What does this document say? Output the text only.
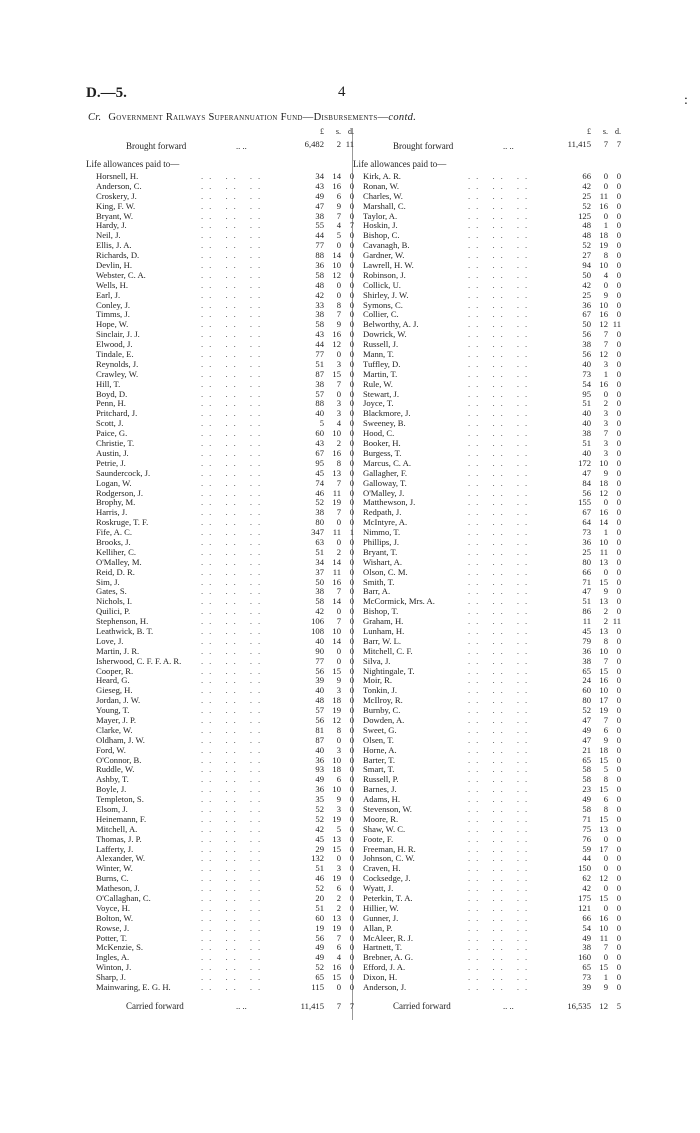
D.—5.	4
:
Cr. Government Railways Superannuation Fund—Disbursements—contd.
£	s. d.
Brought forward	.. ..	6,482	2 11
Life allowances paid to—
Horsnell, H.	.. .. ..	34 14	0
Anderson, C.	.. .. ..	43 16	0
Croskery, J.	.. .. ..	49	6	0
King, F. W.	.. .. ..	47	9	0
Bryant, W.	.. .. ..	38	7	0
Hardy, J.	.. .. ..	55	4	7
Neil, J.	.. .. ..	44	5	0
Ellis, J. A.	.. .. ..	77	0	0
Richards, D.	.. .. ..	88 14	0
Devlin, H.	.. .. ..	36 10	0
Webster, C. A.	.. .. ..	58 12	0
Wells, H.	.. .. ..	48	0	0
Earl, J.	.. .. ..	42	0	0
Conley, J.	.. .. ..	33	8	0
Timms, J.	.. .. ..	38	7	0
Hope, W.	.. .. ..	58	9	0
Sinclair, J. J.	.. .. ..	43 16	0
Elwood, J.	.. .. ..	44 12	0
Tindale, E.	.. .. ..	77	0	0
Reynolds, J.	.. .. ..	51	3	0
Crawley, W.	.. .. ..	87 15	0
Hill, T.	.. .. ..	38	7	0
Boyd, D.	.. .. ..	57	0	0
Penn, H.	.. .. ..	88	3	0
Pritchard, J.	.. .. ..	40	3	0
Scott, J.	.. .. ..	5	4	0
Paice, G.	.. .. ..	60 10	0
Christie, T.	.. .. ..	43	2	0
Austin, J.	.. .. ..	67 16	0
Petrie, J.	.. .. ..	95	8	0
Saundercock, J.	.. .. ..	45 13	0
Logan, W.	.. .. ..	74	7	0
Rodgerson, J.	.. .. ..	46	11	0
Brophy, M.	.. .. ..	52 19	0
Harris, J.	.. .. ..	38	7	0
Roskruge, T. F.	.. .. ..	80	0	0
Fife, A. C.	.. .. ..	347	11	1
Brooks, J.	.. .. ..	63	0	0
Kelliher, C.	.. .. ..	51	2	0
O'Malley, M.	.. .. ..	34 14	0
Reid, D. R.	.. .. ..	37	11	0
Sim, J.	.. .. ..	50 16	0
Gates, S.	.. .. ..	38	7	0
Nichols, I.	.. .. ..	58 14	0
Quilici, P.	.. .. ..	42	0	0
Stephenson, H.	.. .. ..	106	7	0
Leathwick, B. T.	.. .. ..	108 10	0
Love, J.	.. .. ..	40 14	0
Martin, J. R.	.. .. ..	90	0	0
Isherwood, C. F. F. A. R. .. .. ..	77	0	0
Cooper, R.	.. .. ..	56 15	0
Heard, G.	.. .. ..	39	9	0
Gieseg, H.	.. .. ..	40	3	0
Jordan, J. W.	.. .. ..	48 18	0
Young, T.	.. .. ..	57 19	0
Mayer, J. P.	.. .. ..	56 12	0
Clarke, W.	.. .. ..	81	8	0
Oldham, J. W.	.. .. ..	87	0	0
Ford, W.	.. .. ..	40	3	0
O'Connor, B.	.. .. ..	36 10	0
Ruddle, W.	.. .. ..	93 18	0
Ashby, T.	.. .. ..	49	6	0
Boyle, J.	.. .. ..	36 10	0
Templeton, S.	.. .. ..	35	9	0
Elsom, J.	.. .. ..	52	3	0
Heinemann, F.	.. .. ..	52 19	0
Mitchell, A.	.. .. ..	42	5	0
Thomas, J. P.	.. .. ..	45 13	0
Lafferty, J.	.. .. ..	29 15	0
Alexander, W.	.. .. ..	132	0	0
Winter, W.	.. .. ..	51	3	0
Burns, C.	.. .. ..	46 19	0
Matheson, J.	.. .. ..	52	6	0
O'Callaghan, C.	.. .. ..	20	2	0
Voyce, H.	.. .. ..	51	2	0
Bolton, W.	.. .. ..	60 13	0
Rowse, J.	.. .. ..	19 19	0
Potter, T.	.. .. ..	56	7	0
McKenzie, S.	.. .. ..	49	6	0
Ingles, A.	.. .. ..	49	4	0
Winton, J.	.. .. ..	52 16	0
Sharp, J.	.. .. ..	65 15	0
Mainwaring, E. G. H.	.. .. ..	115	0	0
Carried forward	.. ..	11,415	7	7
£	s. d.
Brought forward	.. ..	11,415	7	7
Life allowances paid to—
Kirk, A. R.	.. .. ..	66	0	0
Ronan, W.	.. .. ..	42	0	0
Charles, W.	.. .. ..	25	11	0
Marshall, C.	.. .. ..	52 16	0
Taylor, A.	.. .. ..	125	0	0
Hoskin, J.	.. .. ..	48	1	0
Bishop, C.	.. .. ..	48 18	0
Cavanagh, B.	.. .. ..	52 19	0
Gardner, W.	.. .. ..	27	8	0
Lawrell, H. W.	.. .. ..	94 10	0
Robinson, J.	.. .. ..	50	4	0
Collick, U.	.. .. ..	42	0	0
Shirley, J. W.	.. .. ..	25	9	0
Symons, C.	.. .. ..	36 10	0
Collier, C.	.. .. ..	67 16	0
Belworthy, A. J.	.. .. ..	50 12 11
Dowrick, W.	.. .. ..	56	7	0
Russell, J.	.. .. ..	38	7	0
Mann, T.	.. .. ..	56 12	0
Tuffley, D.	.. .. ..	40	3	0
Martin, T.	.. .. ..	73	1	0
Rule, W.	.. .. ..	54 16	0
Stewart, J.	.. .. ..	95	0	0
Joyce, T.	.. .. ..	51	2	0
Blackmore, J.	.. .. ..	40	3	0
Sweeney, B.	.. .. ..	40	3	0
Hood, C.	.. .. ..	38	7	0
Booker, H.	.. .. ..	51	3	0
Burgess, T.	.. .. ..	40	3	0
Marcus, C. A.	.. .. ..	172 10	0
Gallagher, F.	.. .. ..	47	9	0
Galloway, T.	.. .. ..	84 18	0
O'Malley, J.	.. .. ..	56 12	0
Matthewson, J.	.. .. ..	155	0	0
Redpath, J.	.. .. ..	67 16	0
McIntyre, A.	.. .. ..	64 14	0
Nimmo, T.	.. .. ..	73	1	0
Phillips, J.	.. .. ..	36 10	0
Bryant, T.	.. .. ..	25	11	0
Wishart, A.	.. .. ..	80 13	0
Olson, C. M.	.. .. ..	66	0	0
Smith, T.	.. .. ..	71 15	0
Barr, A.	.. .. ..	47	9	0
McCormick, Mrs. A.	.. .. ..	51 13	0
Bishop, T.	.. .. ..	86	2	0
Graham, H.	.. .. ..	11	2 11
Lunham, H.	.. .. ..	45 13	0
Barr, W. L.	.. .. ..	79	8	0
Mitchell, C. F.	.. .. ..	36 10	0
Silva, J.	.. .. ..	38	7	0
Nightingale, T.	.. .. ..	65 15	0
Moir, R.	.. .. ..	24 16	0
Tonkin, J.	.. .. ..	60 10	0
McIlroy, R.	.. .. ..	80 17	0
Burnby, C.	.. .. ..	52 19	0
Dowden, A.	.. .. ..	47	7	0
Sweet, G.	.. .. ..	49	6	0
Olsen, T.	.. .. ..	47	9	0
Horne, A.	.. .. ..	21 18	0
Barter, T.	.. .. ..	65 15	0
Smart, T.	.. .. ..	58	5	0
Russell, P.	.. .. ..	58	8	0
Barnes, J.	.. .. ..	23 15	0
Adams, H.	.. .. ..	49	6	0
Stevenson, W.	.. .. ..	58	8	0
Moore, R.	.. .. ..	71 15	0
Shaw, W. C.	.. .. ..	75 13	0
Foote, F.	.. .. ..	76	0	0
Freeman, H. R.	.. .. ..	59 17	0
Johnson, C. W.	.. .. ..	44	0	0
Craven, H.	.. .. ..	150	0	0
Cocksedge, J.	.. .. ..	62 12	0
Wyatt, J.	.. .. ..	42	0	0
Peterkin, T. A.	.. .. ..	175 15	0
Hillier, W.	.. .. ..	121	0	0
Gunner, J.	.. .. ..	66 16	0
Allan, P.	.. .. ..	54 10	0
McAleer, R. J.	.. .. ..	49	11	0
Hartnett, T.	.. .. ..	38	7	0
Brebner, A. G.	.. .. ..	160	0	0
Efford, J. A.	.. .. ..	65 15	0
Dixon, H.	.. .. ..	73	1	0
Anderson, J.	.. .. ..	39	9	0
Carried forward	.. ..	16,535 12	5
